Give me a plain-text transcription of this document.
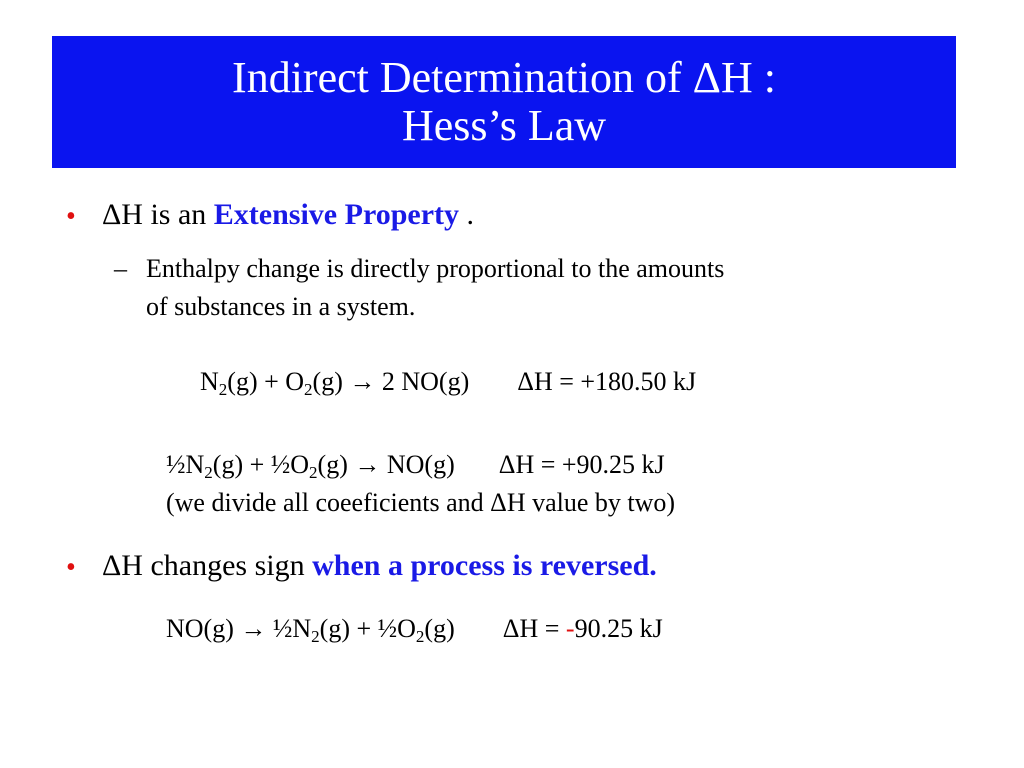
Indirect Determination of ΔH :
Hess’s Law
• ΔH is an Extensive Property .
– Enthalpy change is directly proportional to the amounts
of substances in a system.
$N_2(g) + O_2(g) \to 2$ NO(g) ΔH = +180.50 kJ
$\frac{1}{2}N_2(g)$ + $\frac{1}{2}O_2(g) \to NO(g) \Delta H = +90.25$ kJ
(we divide all coeeficients and ΔH value by two)
• ΔH changes sign when a process is reversed.
$NO(g) \to \frac{1}{2}N_2(g)$ + $\frac{1}{2}O_2(g) \Delta H = -90.25$ kJ
